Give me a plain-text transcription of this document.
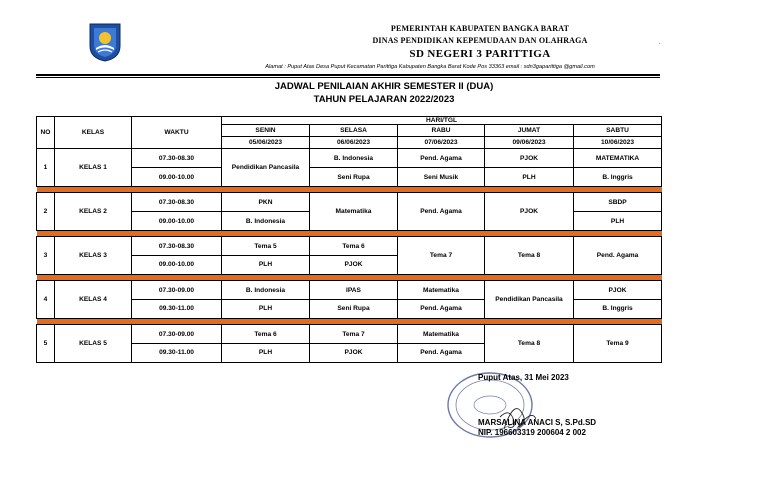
PEMERINTAH KABUPATEN BANGKA BARAT
DINAS PENDIDIKAN KEPEMUDAAN DAN OLAHRAGA
SD NEGERI 3 PARITTIGA
Alamat : Puput Atas Desa Puput Kecamatan Parittiga Kabupaten Bangka Barat Kode Pos 33363 email : sdn3gaparittiga @gmail.com
.
JADWAL PENILAIAN AKHIR SEMESTER II (DUA)
TAHUN PELAJARAN 2022/2023
NO	KELAS	WAKTU	HARI/TGL				
			SENIN	SELASA	RABU	JUMAT	SABTU
			05/06/2023	06/06/2023	07/06/2023	09/06/2023	10/06/2023
1	KELAS 1	07.30-08.30	Pendidikan Pancasila	B. Indonesia	Pend. Agama	PJOK	MATEMATIKA
		09.00-10.00		Seni Rupa	Seni Musik	PLH	B. Inggris

2	KELAS 2	07.30-08.30	PKN	Matematika	Pend. Agama	PJOK	SBDP
		09.00-10.00	B. Indonesia				PLH

3	KELAS 3	07.30-08.30	Tema 5	Tema 6	Tema 7	Tema 8	Pend. Agama
		09.00-10.00	PLH	PJOK			

4	KELAS 4	07.30-09.00	B. Indonesia	IPAS	Matematika	Pendidikan Pancasila	PJOK
		09.30-11.00	PLH	Seni Rupa	Pend. Agama		B. Inggris

5	KELAS 5	07.30-09.00	Tema 6	Tema 7	Matematika	Tema 8	Tema 9
		09.30-11.00	PLH	PJOK	Pend. Agama		
Puput Atas, 31 Mei 2023
MARSALINA ANACI S, S.Pd.SD
NIP. 196603319 200604 2 002
